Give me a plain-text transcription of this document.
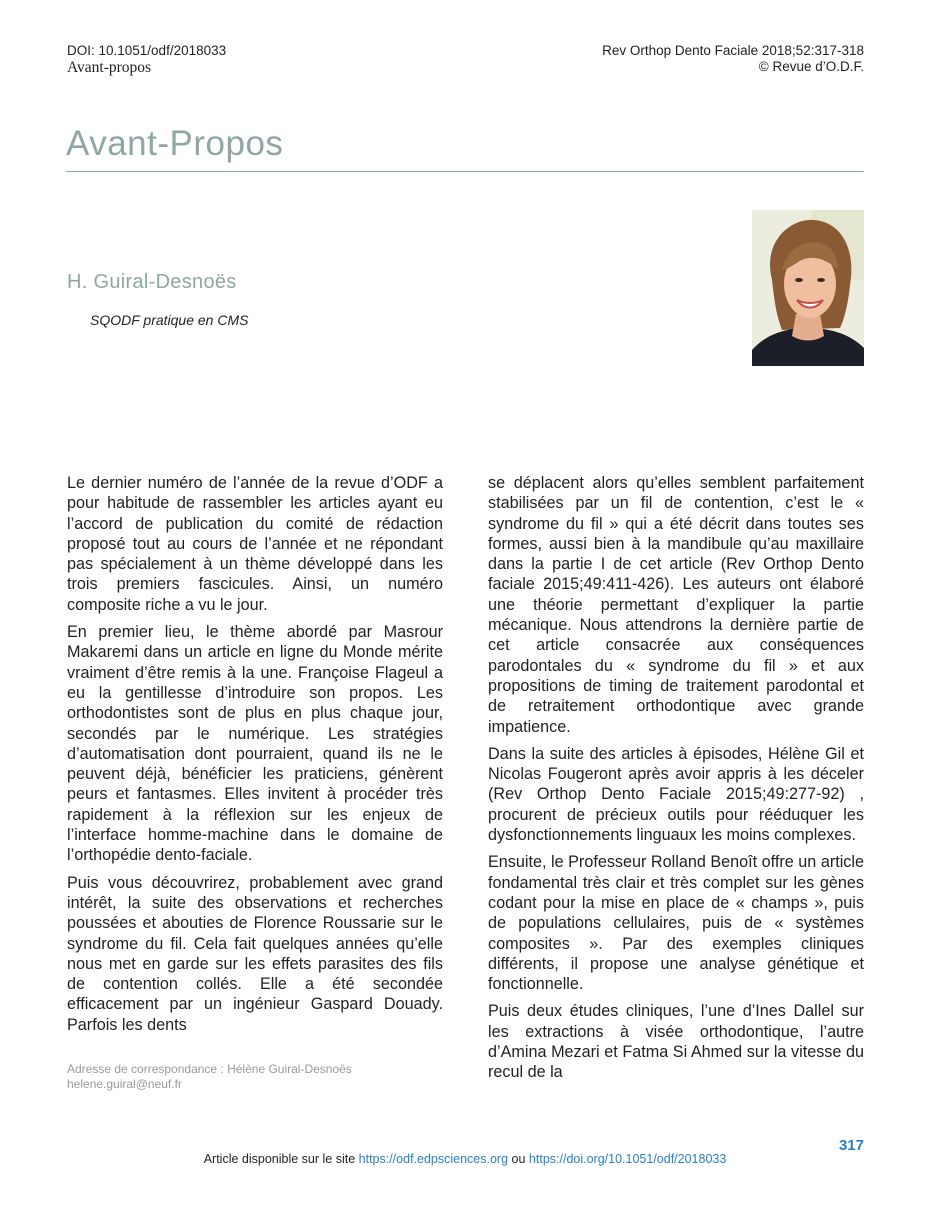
DOI: 10.1051/odf/2018033
Avant-propos
Rev Orthop Dento Faciale 2018;52:317-318
© Revue d’O.D.F.
Avant-Propos
H. Guiral-Desnoës
SQODF pratique en CMS

Le dernier numéro de l’année de la revue d’ODF a pour habitude de rassembler les articles ayant eu l’accord de publication du comité de rédaction proposé tout au cours de l’année et ne répondant pas spécialement à un thème développé dans les trois premiers fascicules. Ainsi, un numéro composite riche a vu le jour.

En premier lieu, le thème abordé par Masrour Makaremi dans un article en ligne du Monde mérite vraiment d’être remis à la une. Françoise Flageul a eu la gentillesse d’introduire son propos. Les orthodontistes sont de plus en plus chaque jour, secondés par le numérique. Les stratégies d’automatisation dont pourraient, quand ils ne le peuvent déjà, bénéficier les praticiens, génèrent peurs et fantasmes. Elles invitent à procéder très rapidement à la réflexion sur les enjeux de l’interface homme-machine dans le domaine de l’orthopédie dento-faciale.

Puis vous découvrirez, probablement avec grand intérêt, la suite des observations et recherches poussées et abouties de Florence Roussarie sur le syndrome du fil. Cela fait quelques années qu’elle nous met en garde sur les effets parasites des fils de contention collés. Elle a été secondée efficacement par un ingénieur Gaspard Douady. Parfois les dents

se déplacent alors qu’elles semblent parfaitement stabilisées par un fil de contention, c’est le « syndrome du fil » qui a été décrit dans toutes ses formes, aussi bien à la mandibule qu’au maxillaire dans la partie I de cet article (Rev Orthop Dento faciale 2015;49:411-426). Les auteurs ont élaboré une théorie permettant d’expliquer la partie mécanique. Nous attendrons la dernière partie de cet article consacrée aux conséquences parodontales du « syndrome du fil » et aux propositions de timing de traitement parodontal et de retraitement orthodontique avec grande impatience.

Dans la suite des articles à épisodes, Hélène Gil et Nicolas Fougeront après avoir appris à les déceler (Rev Orthop Dento Faciale 2015;49:277-92) , procurent de précieux outils pour rééduquer les dysfonctionnements linguaux les moins complexes.

Ensuite, le Professeur Rolland Benoît offre un article fondamental très clair et très complet sur les gènes codant pour la mise en place de « champs », puis de populations cellulaires, puis de « systèmes composites ». Par des exemples cliniques différents, il propose une analyse génétique et fonctionnelle.

Puis deux études cliniques, l’une d’Ines Dallel sur les extractions à visée orthodontique, l’autre d’Amina Mezari et Fatma Si Ahmed sur la vitesse du recul de la

Adresse de correspondance : Hélène Guiral-Desnoës
helene.guiral@neuf.fr
317
Article disponible sur le site https://odf.edpsciences.org ou https://doi.org/10.1051/odf/2018033
